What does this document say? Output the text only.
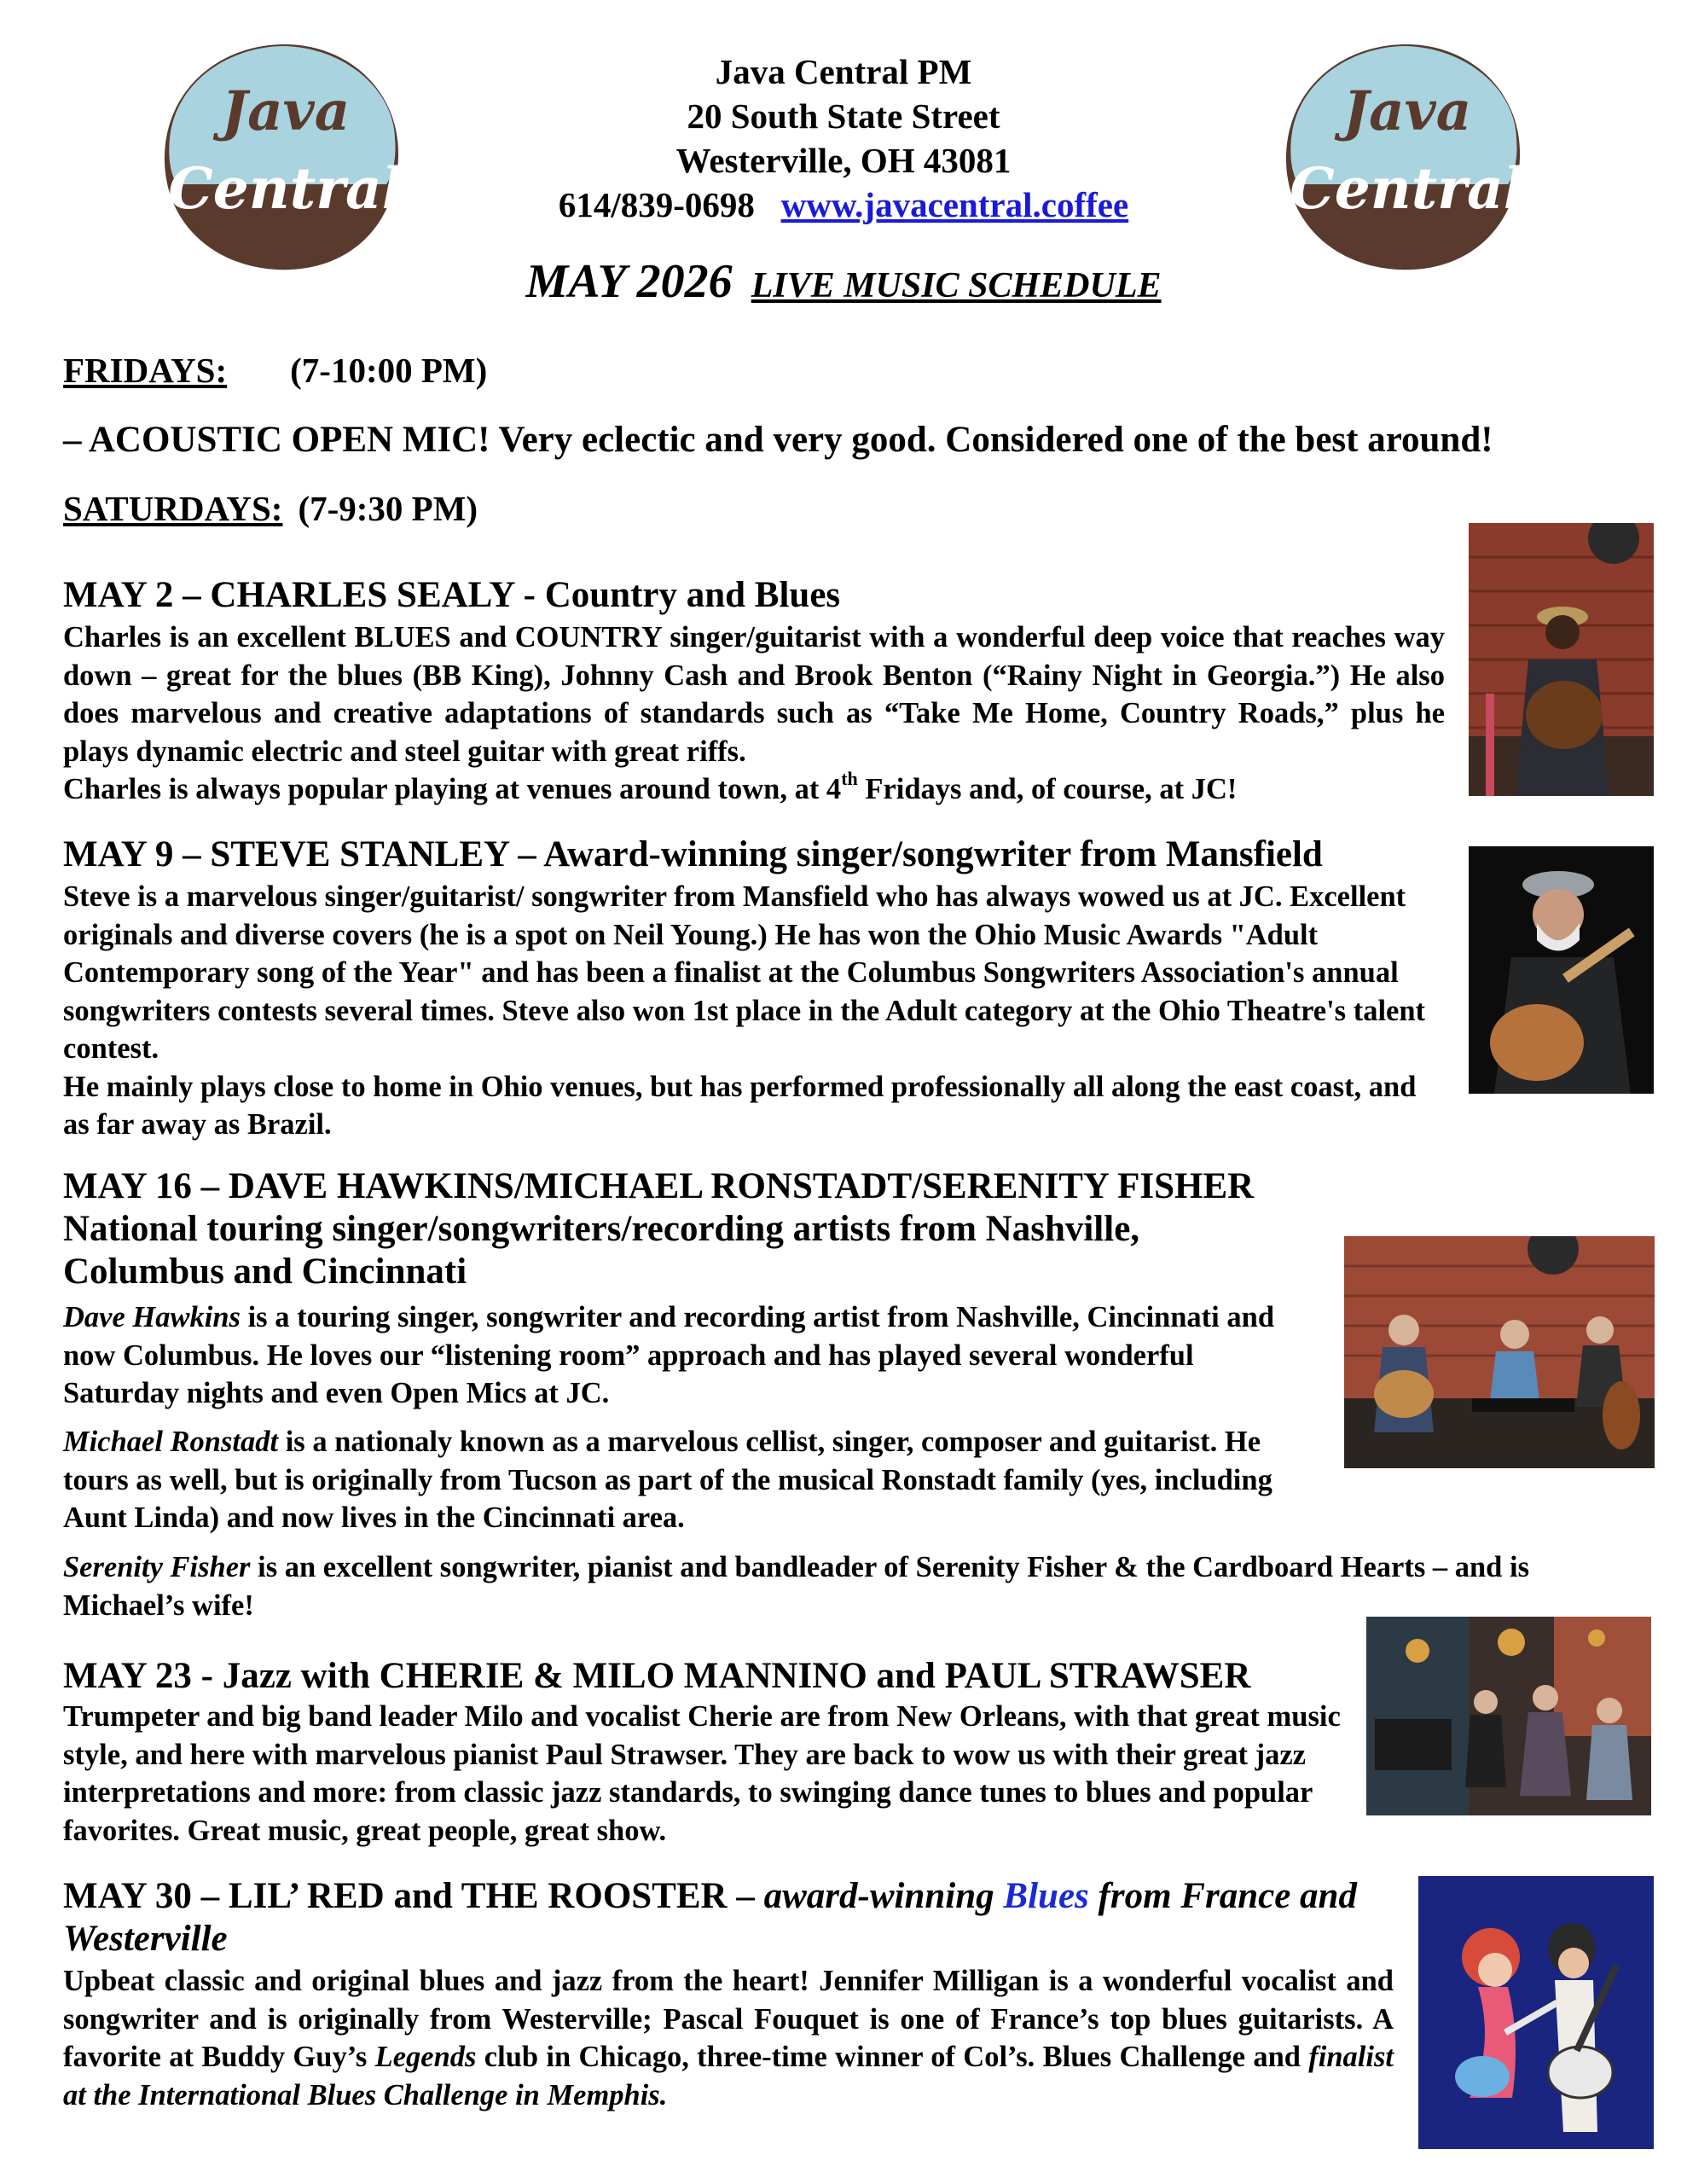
Java
Central
Java
Central
Java Central PM
20 South State Street
Westerville, OH 43081
614/839-0698 www.javacentral.coffee
MAY 2026 LIVE MUSIC SCHEDULE
FRIDAYS: (7-10:00 PM)
– ACOUSTIC OPEN MIC! Very eclectic and very good. Considered one of the best around!
SATURDAYS: (7-9:30 PM)
MAY 2 – CHARLES SEALY - Country and Blues

Charles is an excellent BLUES and COUNTRY singer/guitarist with a wonderful deep voice that reaches way down – great for the blues (BB King), Johnny Cash and Brook Benton (“Rainy Night in Georgia.”) He also does marvelous and creative adaptations of standards such as “Take Me Home, Country Roads,” plus he plays dynamic electric and steel guitar with great riffs.

Charles is always popular playing at venues around town, at 4th Fridays and, of course, at JC!

MAY 9 – STEVE STANLEY – Award-winning singer/songwriter from Mansfield

Steve is a marvelous singer/guitarist/ songwriter from Mansfield who has always wowed us at JC. Excellent originals and diverse covers (he is a spot on Neil Young.) He has won the Ohio Music Awards "Adult Contemporary song of the Year" and has been a finalist at the Columbus Songwriters Association's annual songwriters contests several times. Steve also won 1st place in the Adult category at the Ohio Theatre's talent contest.

He mainly plays close to home in Ohio venues, but has performed professionally all along the east coast, and as far away as Brazil.

MAY 16 – DAVE HAWKINS/MICHAEL RONSTADT/SERENITY FISHER
National touring singer/songwriters/recording artists from Nashville,
Columbus and Cincinnati

Dave Hawkins is a touring singer, songwriter and recording artist from Nashville, Cincinnati and now Columbus. He loves our “listening room” approach and has played several wonderful Saturday nights and even Open Mics at JC.

Michael Ronstadt is a nationaly known as a marvelous cellist, singer, composer and guitarist. He tours as well, but is originally from Tucson as part of the musical Ronstadt family (yes, including Aunt Linda) and now lives in the Cincinnati area.

Serenity Fisher is an excellent songwriter, pianist and bandleader of Serenity Fisher & the Cardboard Hearts – and is Michael’s wife!

MAY 23 - Jazz with CHERIE & MILO MANNINO and PAUL STRAWSER
Trumpeter and big band leader Milo and vocalist Cherie are from New Orleans, with that great music style, and here with marvelous pianist Paul Strawser. They are back to wow us with their great jazz interpretations and more: from classic jazz standards, to swinging dance tunes to blues and popular favorites. Great music, great people, great show.
MAY 30 – LIL’ RED and THE ROOSTER – award-winning Blues from France and Westerville
Upbeat classic and original blues and jazz from the heart! Jennifer Milligan is a wonderful vocalist and songwriter and is originally from Westerville; Pascal Fouquet is one of France’s top blues guitarists. A favorite at Buddy Guy’s Legends club in Chicago, three-time winner of Col’s. Blues Challenge and finalist at the International Blues Challenge in Memphis.
